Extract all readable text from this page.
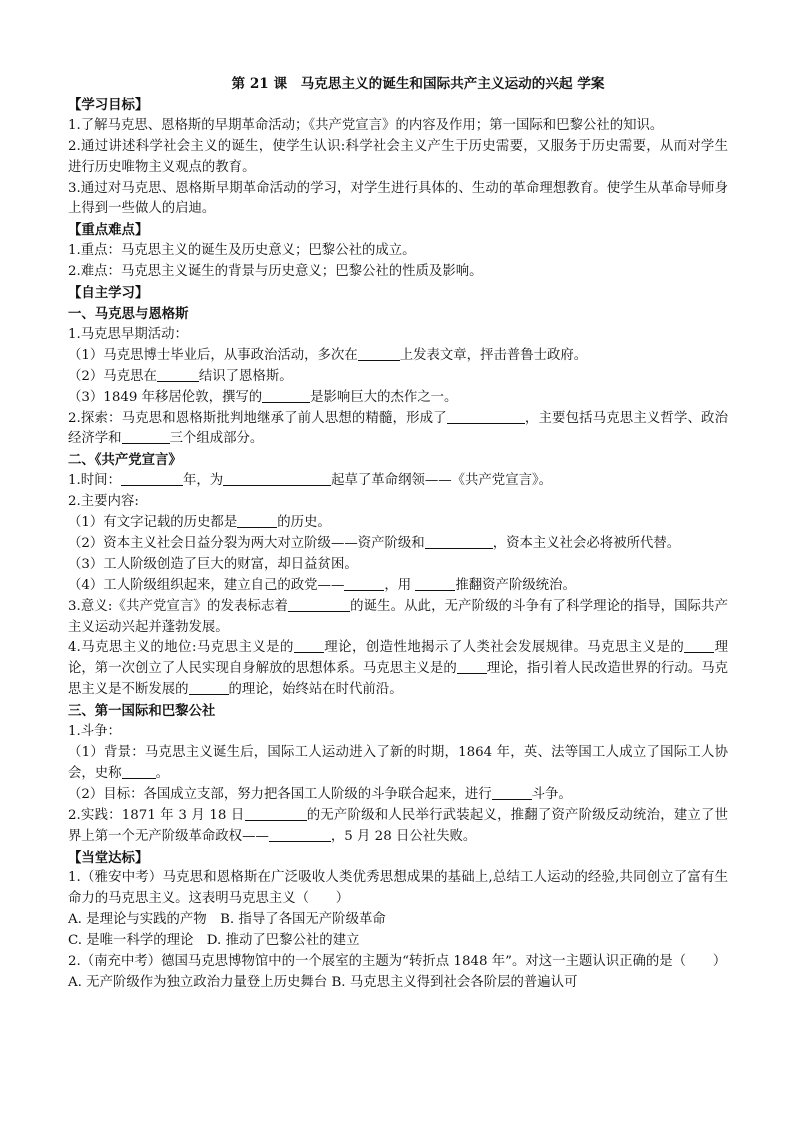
第 21 课　马克思主义的诞生和国际共产主义运动的兴起 学案
【学习目标】
1.了解马克思、恩格斯的早期革命活动；《共产党宣言》的内容及作用；第一国际和巴黎公社的知识。
2.通过讲述科学社会主义的诞生，使学生认识:科学社会主义产生于历史需要，又服务于历史需要，从而对学生进行历史唯物主义观点的教育。
3.通过对马克思、恩格斯早期革命活动的学习，对学生进行具体的、生动的革命理想教育。使学生从革命导师身上得到一些做人的启迪。
【重点难点】
1.重点：马克思主义的诞生及历史意义；巴黎公社的成立。
2.难点：马克思主义诞生的背景与历史意义；巴黎公社的性质及影响。
【自主学习】
一、马克思与恩格斯
1.马克思早期活动：
（1）马克思博士毕业后，从事政治活动，多次在	上发表文章，抨击普鲁士政府。
（2）马克思在	结识了恩格斯。
（3）1849 年移居伦敦，撰写的	是影响巨大的杰作之一。
2.探索：马克思和恩格斯批判地继承了前人思想的精髓，形成了	，主要包括马克思主义哲学、政治经济学和	三个组成部分。
二、《共产党宣言》
1.时间：	年，为	起草了革命纲领——《共产党宣言》。
2.主要内容:
（1）有文字记载的历史都是	的历史。
（2）资本主义社会日益分裂为两大对立阶级——资产阶级和	，资本主义社会必将被所代替。
（3）工人阶级创造了巨大的财富，却日益贫困。
（4）工人阶级组织起来，建立自己的政党——	，用	推翻资产阶级统治。
3.意义:《共产党宣言》的发表标志着	的诞生。从此，无产阶级的斗争有了科学理论的指导，国际共产主义运动兴起并蓬勃发展。
4.马克思主义的地位:马克思主义是的 理论，创造性地揭示了人类社会发展规律。马克思主义是的 理论，第一次创立了人民实现自身解放的思想体系。马克思主义是的 理论，指引着人民改造世界的行动。马克思主义是不断发展的	的理论，始终站在时代前沿。
三、第一国际和巴黎公社
1.斗争：
（1）背景：马克思主义诞生后，国际工人运动进入了新的时期，1864 年，英、法等国工人成立了国际工人协会，史称	。
（2）目标：各国成立支部，努力把各国工人阶级的斗争联合起来，进行	斗争。
2.实践：1871 年 3 月 18 日	的无产阶级和人民举行武装起义，推翻了资产阶级反动统治，建立了世界上第一个无产阶级革命政权——	，5 月 28 日公社失败。
【当堂达标】
1.（雅安中考）马克思和恩格斯在广泛吸收人类优秀思想成果的基础上,总结工人运动的经验,共同创立了富有生命力的马克思主义。这表明马克思主义（　　）
A. 是理论与实践的产物　B. 指导了各国无产阶级革命
C. 是唯一科学的理论　D. 推动了巴黎公社的建立
2.（南充中考）德国马克思博物馆中的一个展室的主题为“转折点 1848 年”。对这一主题认识正确的是（　　）
A. 无产阶级作为独立政治力量登上历史舞台 B. 马克思主义得到社会各阶层的普遍认可
